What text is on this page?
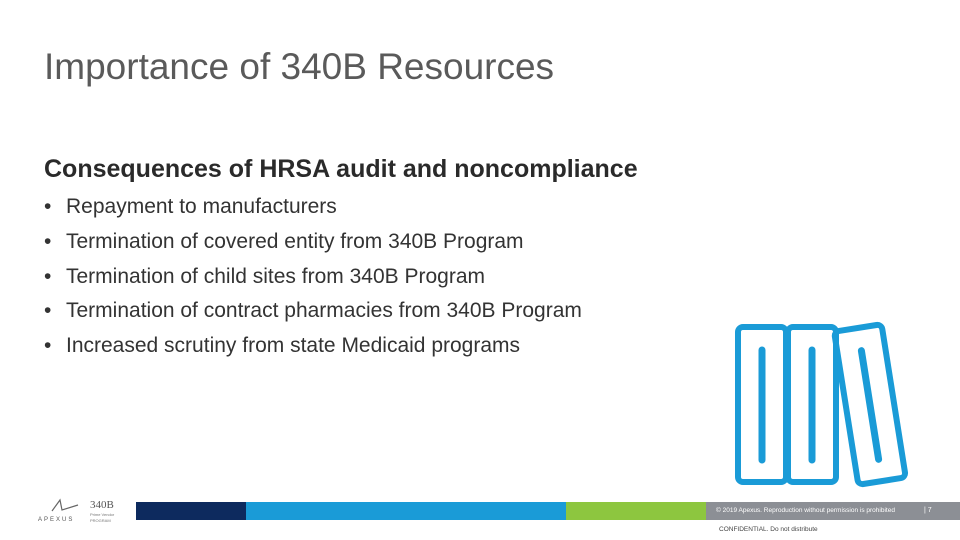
Importance of 340B Resources
Consequences of HRSA audit and noncompliance
• Repayment to manufacturers
• Termination of covered entity from 340B Program
• Termination of child sites from 340B Program
• Termination of contract pharmacies from 340B Program
• Increased scrutiny from state Medicaid programs
APEXUS
340B
Prime Vendor
PROGRAM
© 2019 Apexus. Reproduction without permission is prohibited	| 7
CONFIDENTIAL. Do not distribute
